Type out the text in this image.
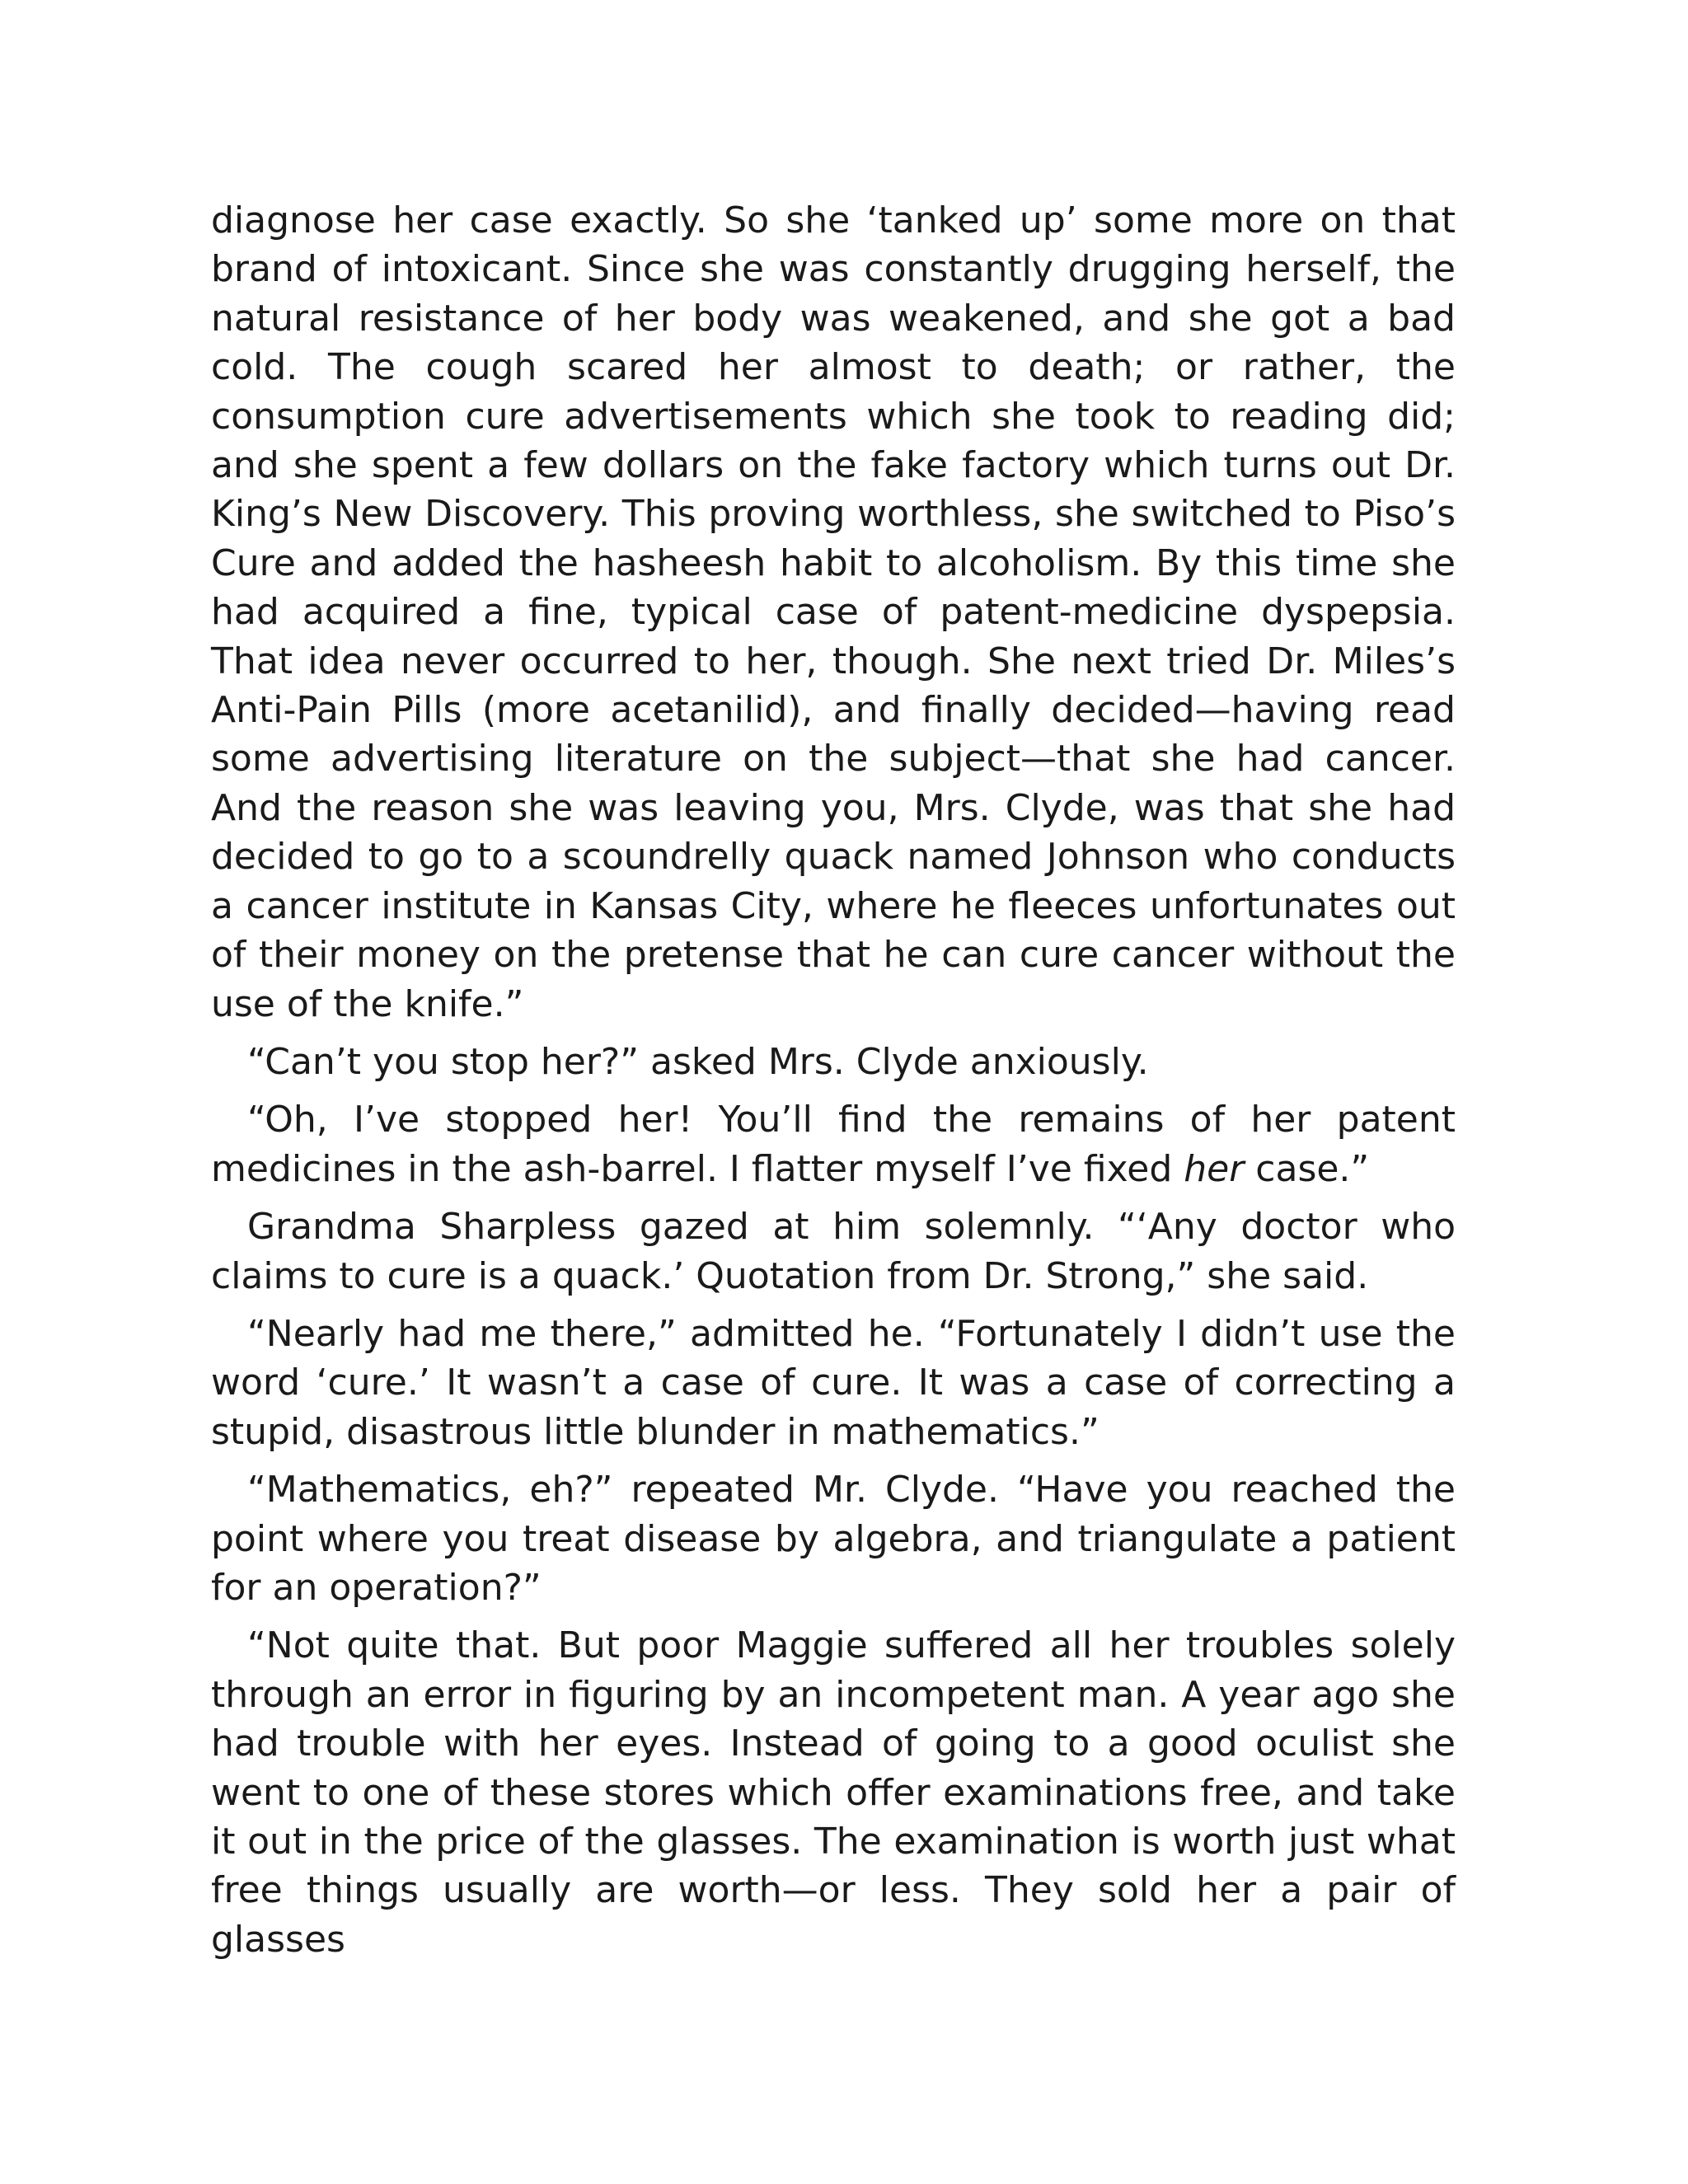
diagnose her case exactly. So she ‘tanked up’ some more on that brand of intoxicant. Since she was constantly drugging herself, the natural resistance of her body was weakened, and she got a bad cold. The cough scared her almost to death; or rather, the consumption cure advertisements which she took to reading did; and she spent a few dollars on the fake factory which turns out Dr. King’s New Discovery. This proving worthless, she switched to Piso’s Cure and added the hasheesh habit to alcoholism. By this time she had acquired a fine, typical case of patent-medicine dyspepsia. That idea never occurred to her, though. She next tried Dr. Miles’s Anti-Pain Pills (more acetanilid), and finally decided—having read some advertising literature on the subject—that she had cancer. And the reason she was leaving you, Mrs. Clyde, was that she had decided to go to a scoundrelly quack named Johnson who conducts a cancer institute in Kansas City, where he fleeces unfortunates out of their money on the pretense that he can cure cancer without the use of the knife.”

“Can’t you stop her?” asked Mrs. Clyde anxiously.

“Oh, I’ve stopped her! You’ll find the remains of her patent medicines in the ash-barrel. I flatter myself I’ve fixed her case.”

Grandma Sharpless gazed at him solemnly. “‘Any doctor who claims to cure is a quack.’ Quotation from Dr. Strong,” she said.

“Nearly had me there,” admitted he. “Fortunately I didn’t use the word ‘cure.’ It wasn’t a case of cure. It was a case of correcting a stupid, disastrous little blunder in mathematics.”

“Mathematics, eh?” repeated Mr. Clyde. “Have you reached the point where you treat disease by algebra, and triangulate a patient for an operation?”

“Not quite that. But poor Maggie suffered all her troubles solely through an error in figuring by an incompetent man. A year ago she had trouble with her eyes. Instead of going to a good oculist she went to one of these stores which offer examinations free, and take it out in the price of the glasses. The examination is worth just what free things usually are worth—or less. They sold her a pair of glasses
